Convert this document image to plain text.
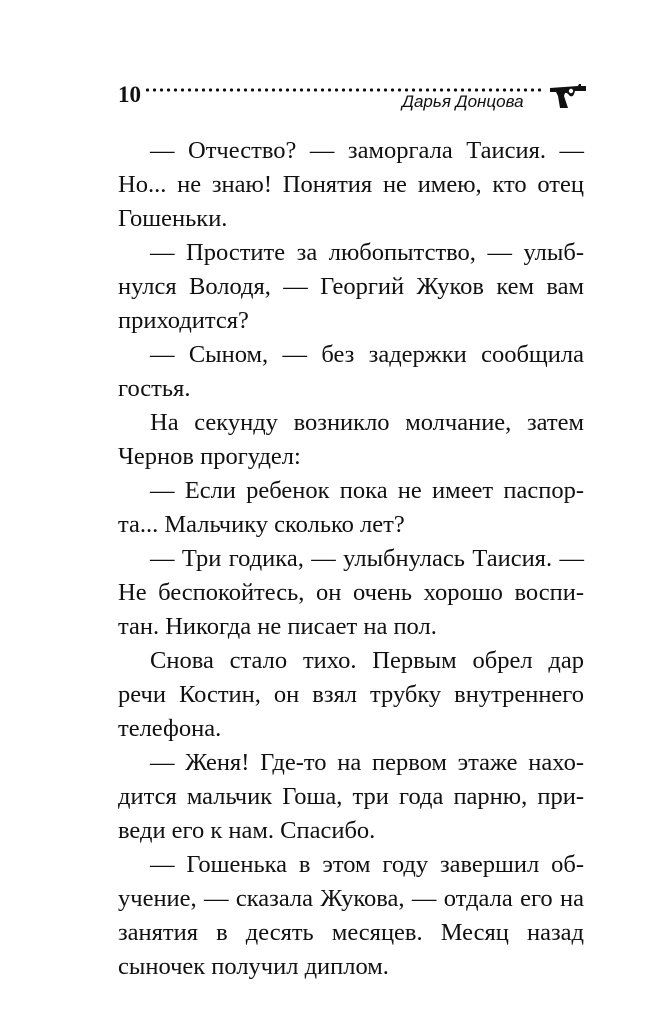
10	Дарья Донцова

— Отчество? — заморгала Таисия. — Но... не знаю! Понятия не имею, кто отец Гошеньки.

— Простите за любопытство, — улыбнулся Володя, — Георгий Жуков кем вам приходится?

— Сыном, — без задержки сообщила гостья.

На секунду возникло молчание, затем Чернов прогудел:

— Если ребенок пока не имеет паспорта... Мальчику сколько лет?

— Три годика, — улыбнулась Таисия. — Не беспокойтесь, он очень хорошо воспитан. Никогда не писает на пол.

Снова стало тихо. Первым обрел дар речи Костин, он взял трубку внутреннего телефона.

— Женя! Где-то на первом этаже находится мальчик Гоша, три года парню, приведи его к нам. Спасибо.

— Гошенька в этом году завершил обучение, — сказала Жукова, — отдала его на занятия в десять месяцев. Месяц назад сыночек получил диплом.
